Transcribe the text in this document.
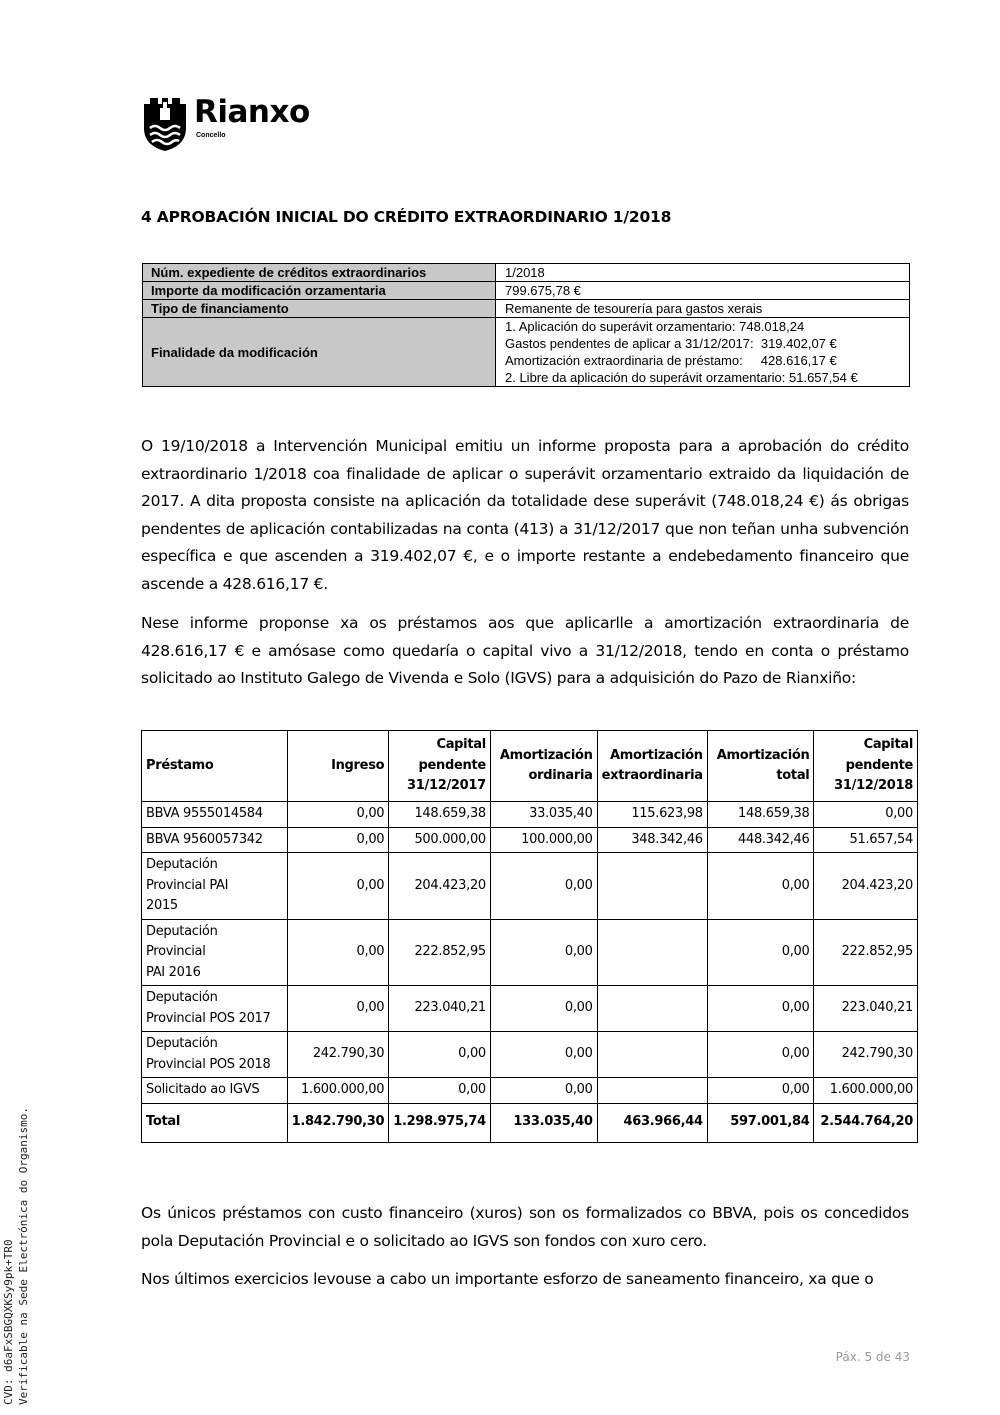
Rianxo
Concello
4 APROBACIÓN INICIAL DO CRÉDITO EXTRAORDINARIO 1/2018
Núm. expediente de créditos extraordinarios	1/2018
Importe da modificación orzamentaria	799.675,78 €
Tipo de financiamento	Remanente de tesourería para gastos xerais
Finalidade da modificación	1. Aplicación do superávit orzamentario: 748.018,24
Gastos pendentes de aplicar a 31/12/2017:  319.402,07 €
Amortización extraordinaria de préstamo:     428.616,17 €
2. Libre da aplicación do superávit orzamentario: 51.657,54 €

O 19/10/2018 a Intervención Municipal emitiu un informe proposta para a aprobación do crédito extraordinario 1/2018 coa finalidade de aplicar o superávit orzamentario extraido da liquidación de 2017. A dita proposta consiste na aplicación da totalidade dese superávit (748.018,24 €) ás obrigas pendentes de aplicación contabilizadas na conta (413) a 31/12/2017 que non teñan unha subvención específica e que ascenden a 319.402,07 €, e o importe restante a endebedamento financeiro que ascende a 428.616,17 €.

Nese informe proponse xa os préstamos aos que aplicarlle a amortización extraordinaria de 428.616,17 € e amósase como quedaría o capital vivo a 31/12/2018, tendo en conta o préstamo solicitado ao Instituto Galego de Vivenda e Solo (IGVS) para a adquisición do Pazo de Rianxiño:

Préstamo	Ingreso	Capital pendente 31/12/2017	Amortización ordinaria	Amortización extraordinaria	Amortización total	Capital pendente 31/12/2018
BBVA 9555014584	0,00	148.659,38	33.035,40	115.623,98	148.659,38	0,00
BBVA 9560057342	0,00	500.000,00	100.000,00	348.342,46	448.342,46	51.657,54
Deputación Provincial PAI 2015	0,00	204.423,20	0,00		0,00	204.423,20
Deputación Provincial PAI 2016	0,00	222.852,95	0,00		0,00	222.852,95
Deputación Provincial POS 2017	0,00	223.040,21	0,00		0,00	223.040,21
Deputación Provincial POS 2018	242.790,30	0,00	0,00		0,00	242.790,30
Solicitado ao IGVS	1.600.000,00	0,00	0,00		0,00	1.600.000,00
Total	1.842.790,30	1.298.975,74	133.035,40	463.966,44	597.001,84	2.544.764,20

Os únicos préstamos con custo financeiro (xuros) son os formalizados co BBVA, pois os concedidos pola Deputación Provincial e o solicitado ao IGVS son fondos con xuro cero.

Nos últimos exercicios levouse a cabo un importante esforzo de saneamento financeiro, xa que o

Páx. 5 de 43
CVD: d6aFxSBGQXKSy9pk+TR0 Verificable na Sede Electrónica do Organismo.
